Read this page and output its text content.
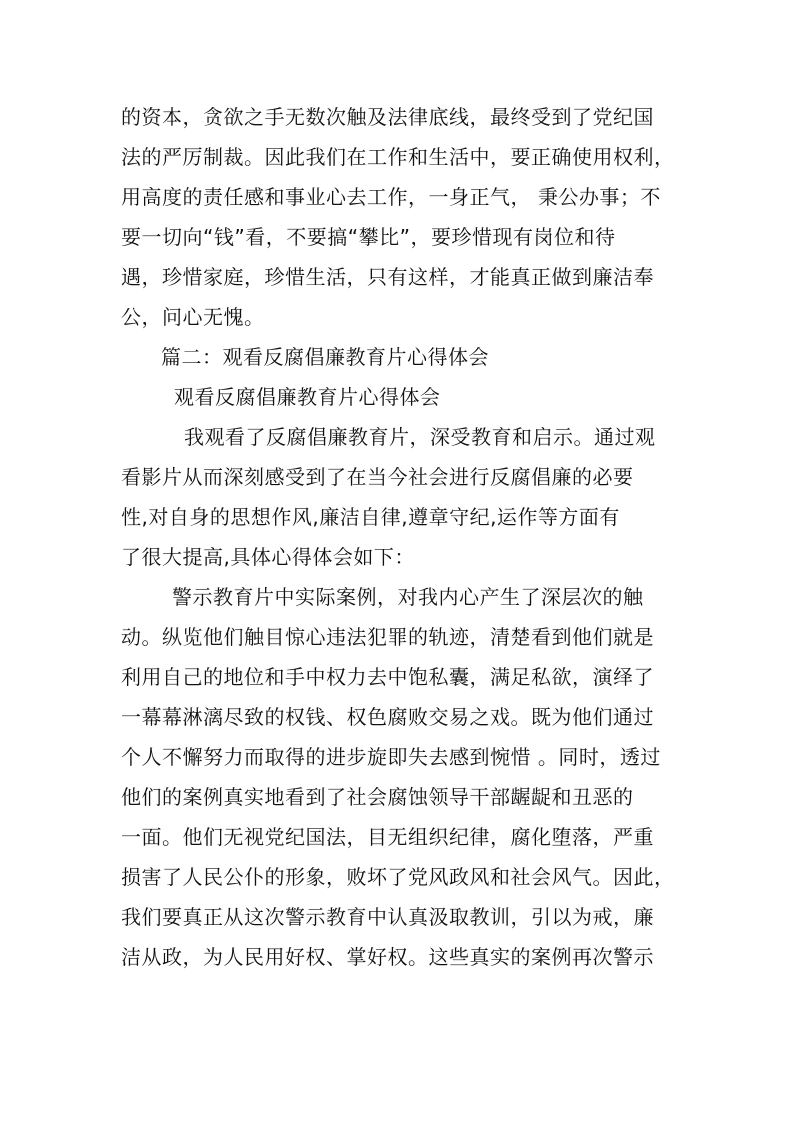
的资本，贪欲之手无数次触及法律底线，最终受到了党纪国
法的严厉制裁。因此我们在工作和生活中，要正确使用权利，
用高度的责任感和事业心去工作，一身正气， 秉公办事；不
要一切向“钱”看，不要搞“攀比”，要珍惜现有岗位和待
遇，珍惜家庭，珍惜生活，只有这样，才能真正做到廉洁奉
公，问心无愧。
篇二：观看反腐倡廉教育片心得体会
观看反腐倡廉教育片心得体会
我观看了反腐倡廉教育片，深受教育和启示。通过观
看影片从而深刻感受到了在当今社会进行反腐倡廉的必要
性,对自身的思想作风,廉洁自律,遵章守纪,运作等方面有
了很大提高,具体心得体会如下：
警示教育片中实际案例，对我内心产生了深层次的触
动。纵览他们触目惊心违法犯罪的轨迹，清楚看到他们就是
利用自己的地位和手中权力去中饱私囊，满足私欲，演绎了
一幕幕淋漓尽致的权钱、权色腐败交易之戏。既为他们通过
个人不懈努力而取得的进步旋即失去感到惋惜 。同时，透过
他们的案例真实地看到了社会腐蚀领导干部龌龊和丑恶的
一面。他们无视党纪国法，目无组织纪律，腐化堕落，严重
损害了人民公仆的形象，败坏了党风政风和社会风气。因此，
我们要真正从这次警示教育中认真汲取教训，引以为戒，廉
洁从政，为人民用好权、掌好权。这些真实的案例再次警示
